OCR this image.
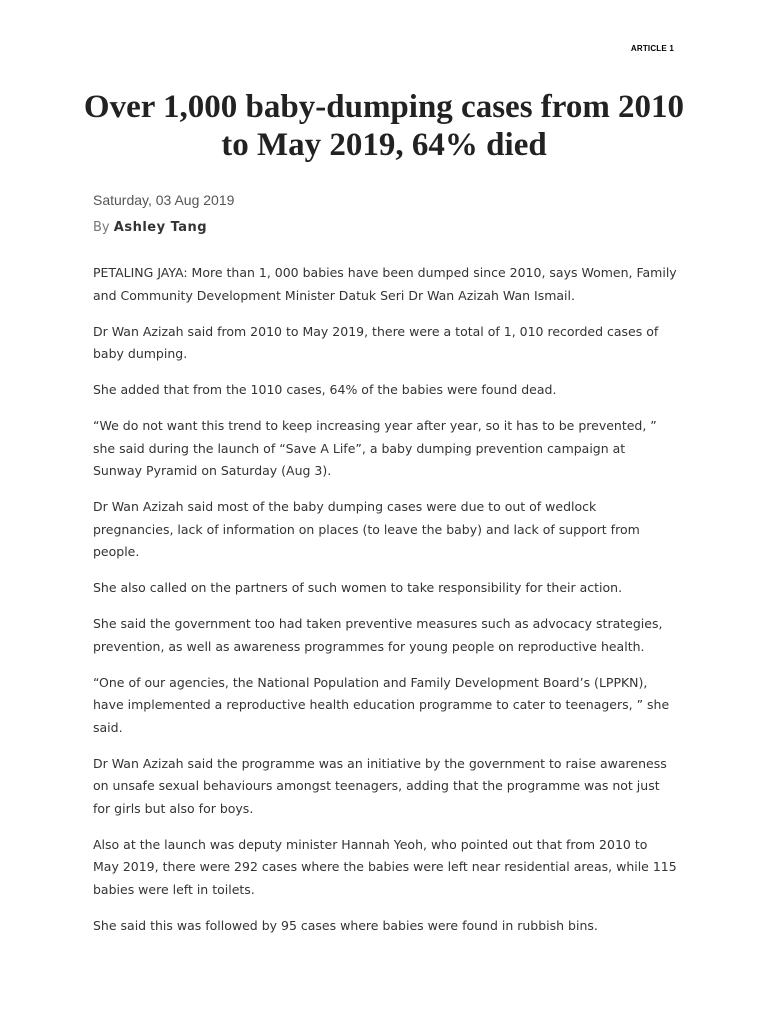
ARTICLE 1
Over 1,000 baby-dumping cases from 2010 to May 2019, 64% died
Saturday, 03 Aug 2019
By Ashley Tang

PETALING JAYA: More than 1, 000 babies have been dumped since 2010, says Women, Family and Community Development Minister Datuk Seri Dr Wan Azizah Wan Ismail.

Dr Wan Azizah said from 2010 to May 2019, there were a total of 1, 010 recorded cases of baby dumping.

She added that from the 1010 cases, 64% of the babies were found dead.

“We do not want this trend to keep increasing year after year, so it has to be prevented, ” she said during the launch of “Save A Life”, a baby dumping prevention campaign at Sunway Pyramid on Saturday (Aug 3).

Dr Wan Azizah said most of the baby dumping cases were due to out of wedlock pregnancies, lack of information on places (to leave the baby) and lack of support from people.

She also called on the partners of such women to take responsibility for their action.

She said the government too had taken preventive measures such as advocacy strategies, prevention, as well as awareness programmes for young people on reproductive health.

“One of our agencies, the National Population and Family Development Board’s (LPPKN), have implemented a reproductive health education programme to cater to teenagers, ” she said.

Dr Wan Azizah said the programme was an initiative by the government to raise awareness on unsafe sexual behaviours amongst teenagers, adding that the programme was not just for girls but also for boys.

Also at the launch was deputy minister Hannah Yeoh, who pointed out that from 2010 to May 2019, there were 292 cases where the babies were left near residential areas, while 115 babies were left in toilets.

She said this was followed by 95 cases where babies were found in rubbish bins.
